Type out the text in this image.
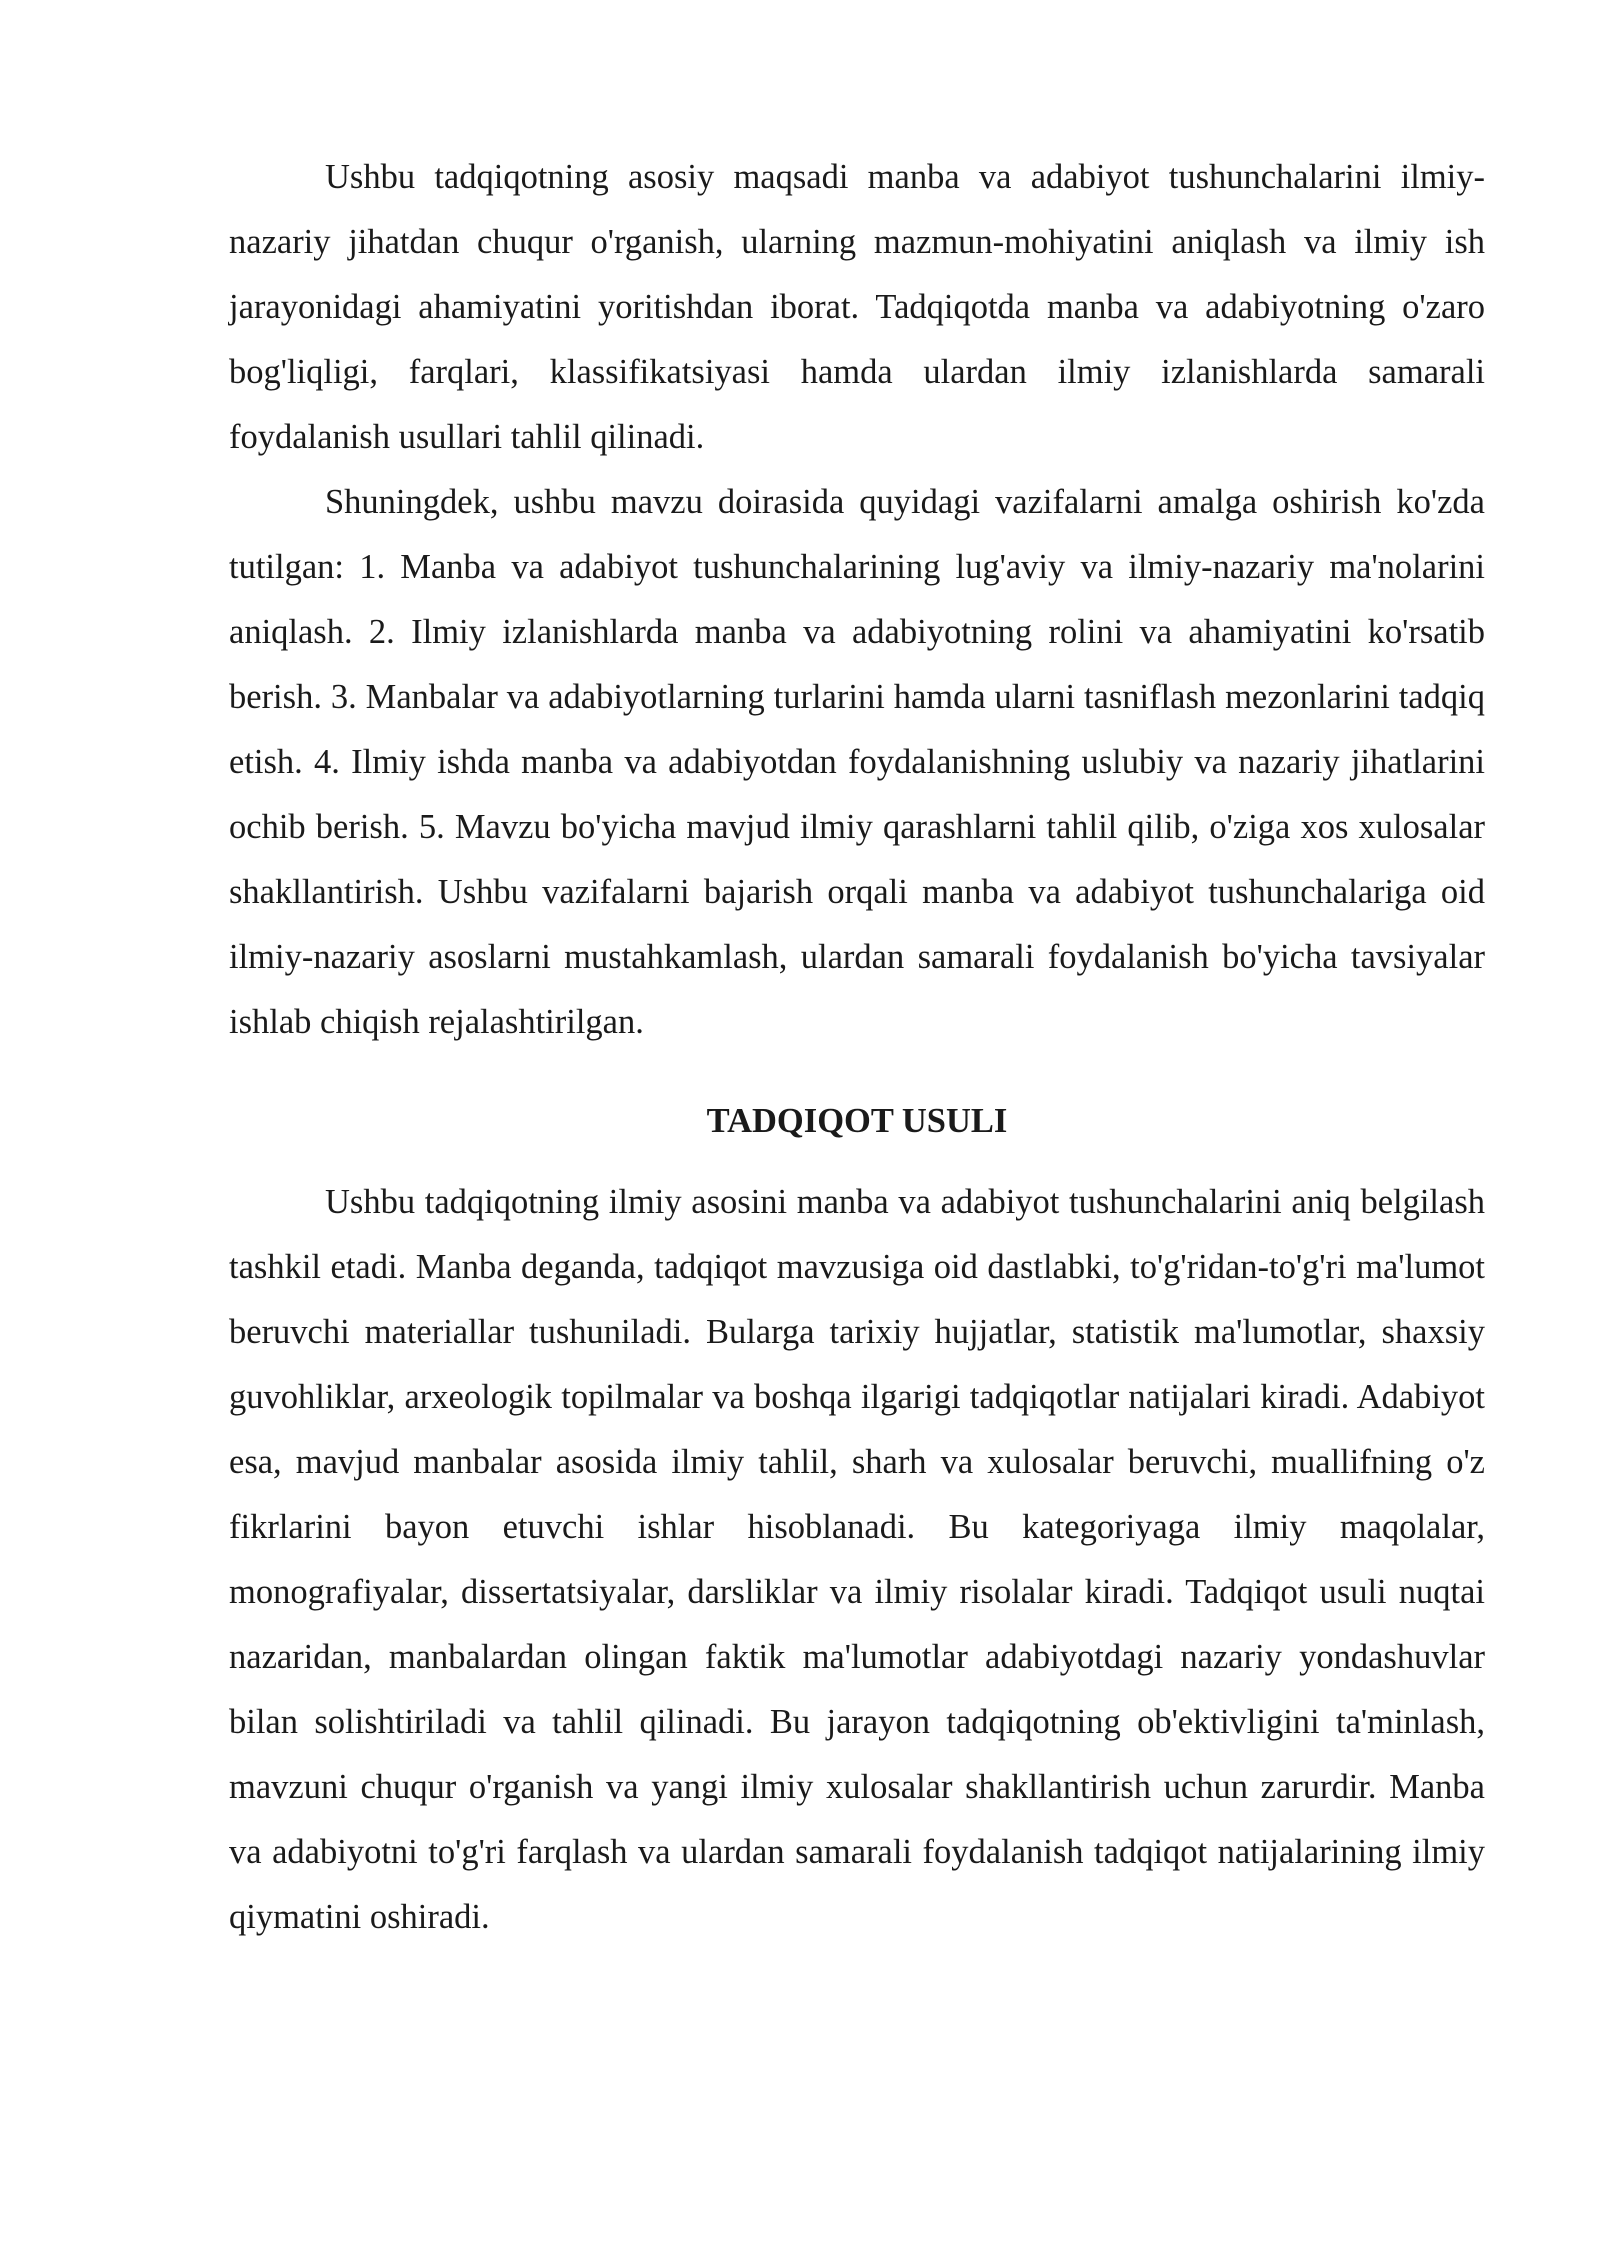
Ushbu tadqiqotning asosiy maqsadi manba va adabiyot tushunchalarini ilmiy-nazariy jihatdan chuqur o'rganish, ularning mazmun-mohiyatini aniqlash va ilmiy ish jarayonidagi ahamiyatini yoritishdan iborat. Tadqiqotda manba va adabiyotning o'zaro bog'liqligi, farqlari, klassifikatsiyasi hamda ulardan ilmiy izlanishlarda samarali foydalanish usullari tahlil qilinadi.

Shuningdek, ushbu mavzu doirasida quyidagi vazifalarni amalga oshirish ko'zda tutilgan: 1. Manba va adabiyot tushunchalarining lug'aviy va ilmiy-nazariy ma'nolarini aniqlash. 2. Ilmiy izlanishlarda manba va adabiyotning rolini va ahamiyatini ko'rsatib berish. 3. Manbalar va adabiyotlarning turlarini hamda ularni tasniflash mezonlarini tadqiq etish. 4. Ilmiy ishda manba va adabiyotdan foydalanishning uslubiy va nazariy jihatlarini ochib berish. 5. Mavzu bo'yicha mavjud ilmiy qarashlarni tahlil qilib, o'ziga xos xulosalar shakllantirish. Ushbu vazifalarni bajarish orqali manba va adabiyot tushunchalariga oid ilmiy-nazariy asoslarni mustahkamlash, ulardan samarali foydalanish bo'yicha tavsiyalar ishlab chiqish rejalashtirilgan.

TADQIQOT USULI

Ushbu tadqiqotning ilmiy asosini manba va adabiyot tushunchalarini aniq belgilash tashkil etadi. Manba deganda, tadqiqot mavzusiga oid dastlabki, to'g'ridan-to'g'ri ma'lumot beruvchi materiallar tushuniladi. Bularga tarixiy hujjatlar, statistik ma'lumotlar, shaxsiy guvohliklar, arxeologik topilmalar va boshqa ilgarigi tadqiqotlar natijalari kiradi. Adabiyot esa, mavjud manbalar asosida ilmiy tahlil, sharh va xulosalar beruvchi, muallifning o'z fikrlarini bayon etuvchi ishlar hisoblanadi. Bu kategoriyaga ilmiy maqolalar, monografiyalar, dissertatsiyalar, darsliklar va ilmiy risolalar kiradi. Tadqiqot usuli nuqtai nazaridan, manbalardan olingan faktik ma'lumotlar adabiyotdagi nazariy yondashuvlar bilan solishtiriladi va tahlil qilinadi. Bu jarayon tadqiqotning ob'ektivligini ta'minlash, mavzuni chuqur o'rganish va yangi ilmiy xulosalar shakllantirish uchun zarurdir. Manba va adabiyotni to'g'ri farqlash va ulardan samarali foydalanish tadqiqot natijalarining ilmiy qiymatini oshiradi.
